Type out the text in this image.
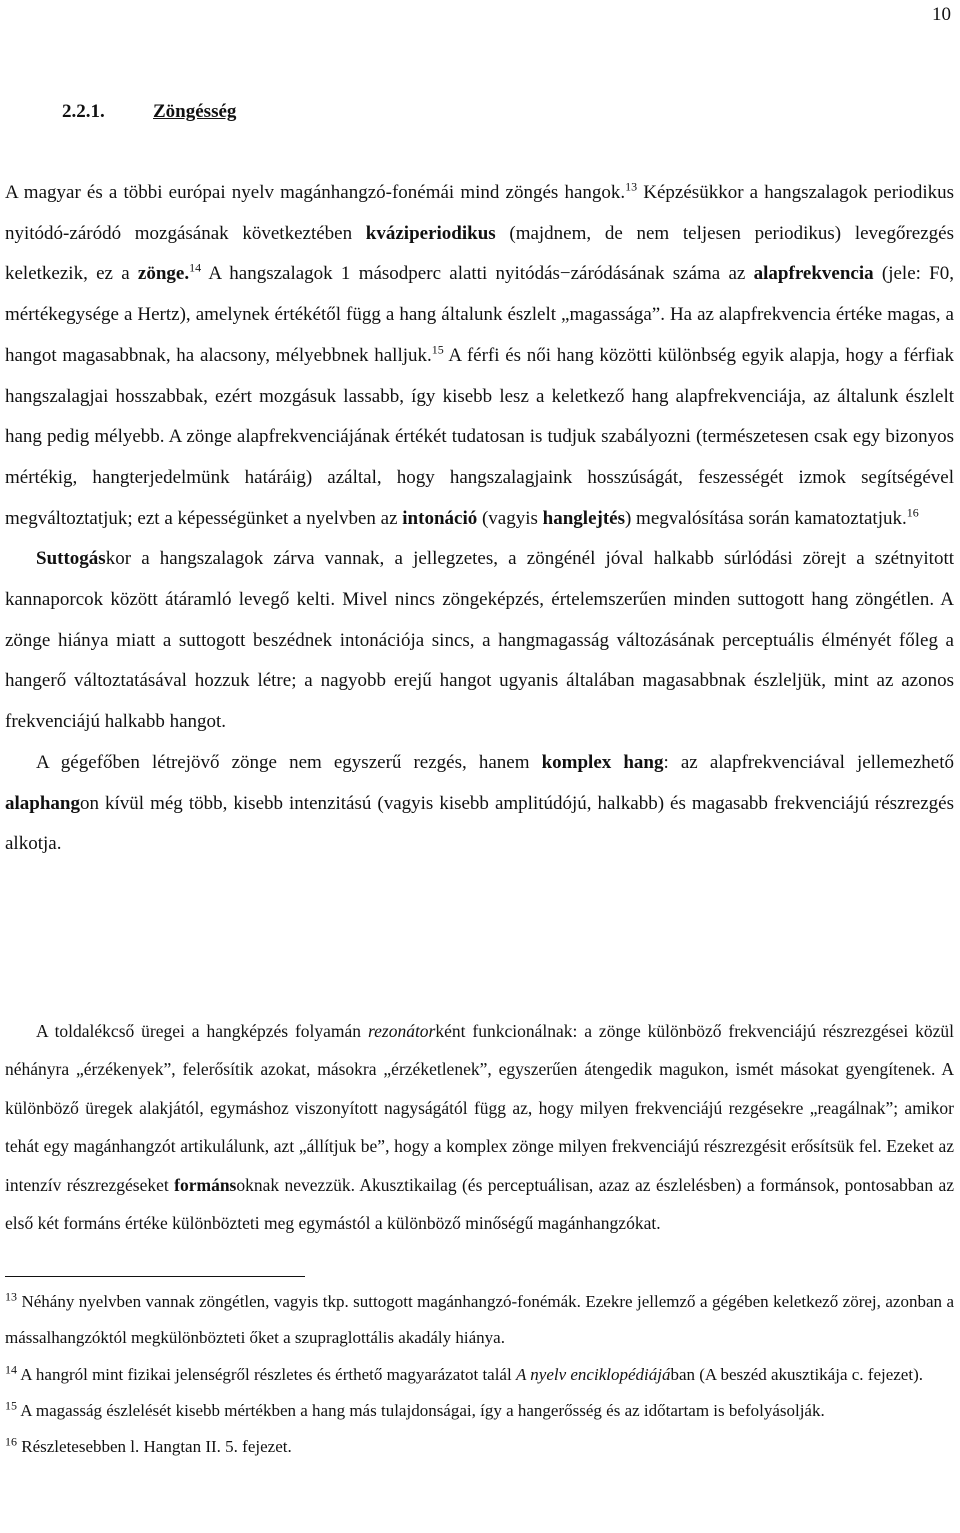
10
2.2.1.	Zöngésség

A magyar és a többi európai nyelv magánhangzó-fonémái mind zöngés hangok.$^{13}$ Képzésükkor a hangszalagok periodikus nyitódó-záródó mozgásának következtében kváziperiodikus (majdnem, de nem teljesen periodikus) levegőrezgés keletkezik, ez a zönge.$^{14}$ A hangszalagok 1 másodperc alatti nyitódás−záródásának száma az alapfrekvencia (jele: F0, mértékegysége a Hertz), amelynek értékétől függ a hang általunk észlelt „magassága”. Ha az alapfrekvencia értéke magas, a hangot magasabbnak, ha alacsony, mélyebbnek halljuk.$^{15}$ A férfi és női hang közötti különbség egyik alapja, hogy a férfiak hangszalagjai hosszabbak, ezért mozgásuk lassabb, így kisebb lesz a keletkező hang alapfrekvenciája, az általunk észlelt hang pedig mélyebb. A zönge alapfrekvenciájának értékét tudatosan is tudjuk szabályozni (természetesen csak egy bizonyos mértékig, hangterjedelmünk határáig) azáltal, hogy hangszalagjaink hosszúságát, feszességét izmok segítségével megváltoztatjuk; ezt a képességünket a nyelvben az intonáció (vagyis hanglejtés) megvalósítása során kamatoztatjuk.$^{16}$

Suttogáskor a hangszalagok zárva vannak, a jellegzetes, a zöngénél jóval halkabb súrlódási zörejt a szétnyitott kannaporcok között átáramló levegő kelti. Mivel nincs zöngeképzés, értelemszerűen minden suttogott hang zöngétlen. A zönge hiánya miatt a suttogott beszédnek intonációja sincs, a hangmagasság változásának perceptuális élményét főleg a hangerő változtatásával hozzuk létre; a nagyobb erejű hangot ugyanis általában magasabbnak észleljük, mint az azonos frekvenciájú halkabb hangot.

A gégefőben létrejövő zönge nem egyszerű rezgés, hanem komplex hang: az alapfrekvenciával jellemezhető alaphangon kívül még több, kisebb intenzitású (vagyis kisebb amplitúdójú, halkabb) és magasabb frekvenciájú részrezgés alkotja.

A toldalékcső üregei a hangképzés folyamán rezonátorként funkcionálnak: a zönge különböző frekvenciájú részrezgései közül néhányra „érzékenyek”, felerősítik azokat, másokra „érzéketlenek”, egyszerűen átengedik magukon, ismét másokat gyengítenek. A különböző üregek alakjától, egymáshoz viszonyított nagyságától függ az, hogy milyen frekvenciájú rezgésekre „reagálnak”; amikor tehát egy magánhangzót artikulálunk, azt „állítjuk be”, hogy a komplex zönge milyen frekvenciájú részrezgésit erősítsük fel. Ezeket az intenzív részrezgéseket formánsoknak nevezzük. Akusztikailag (és perceptuálisan, azaz az észlelésben) a formánsok, pontosabban az első két formáns értéke különbözteti meg egymástól a különböző minőségű magánhangzókat.

$^{13}$ Néhány nyelvben vannak zöngétlen, vagyis tkp. suttogott magánhangzó-fonémák. Ezekre jellemző a gégében keletkező zörej, azonban a mássalhangzóktól megkülönbözteti őket a szupraglottális akadály hiánya.

$^{14}$ A hangról mint fizikai jelenségről részletes és érthető magyarázatot talál A nyelv enciklopédiájában (A beszéd akusztikája c. fejezet).

$^{15}$ A magasság észlelését kisebb mértékben a hang más tulajdonságai, így a hangerősség és az időtartam is befolyásolják.

$^{16}$ Részletesebben l. Hangtan II. 5. fejezet.
